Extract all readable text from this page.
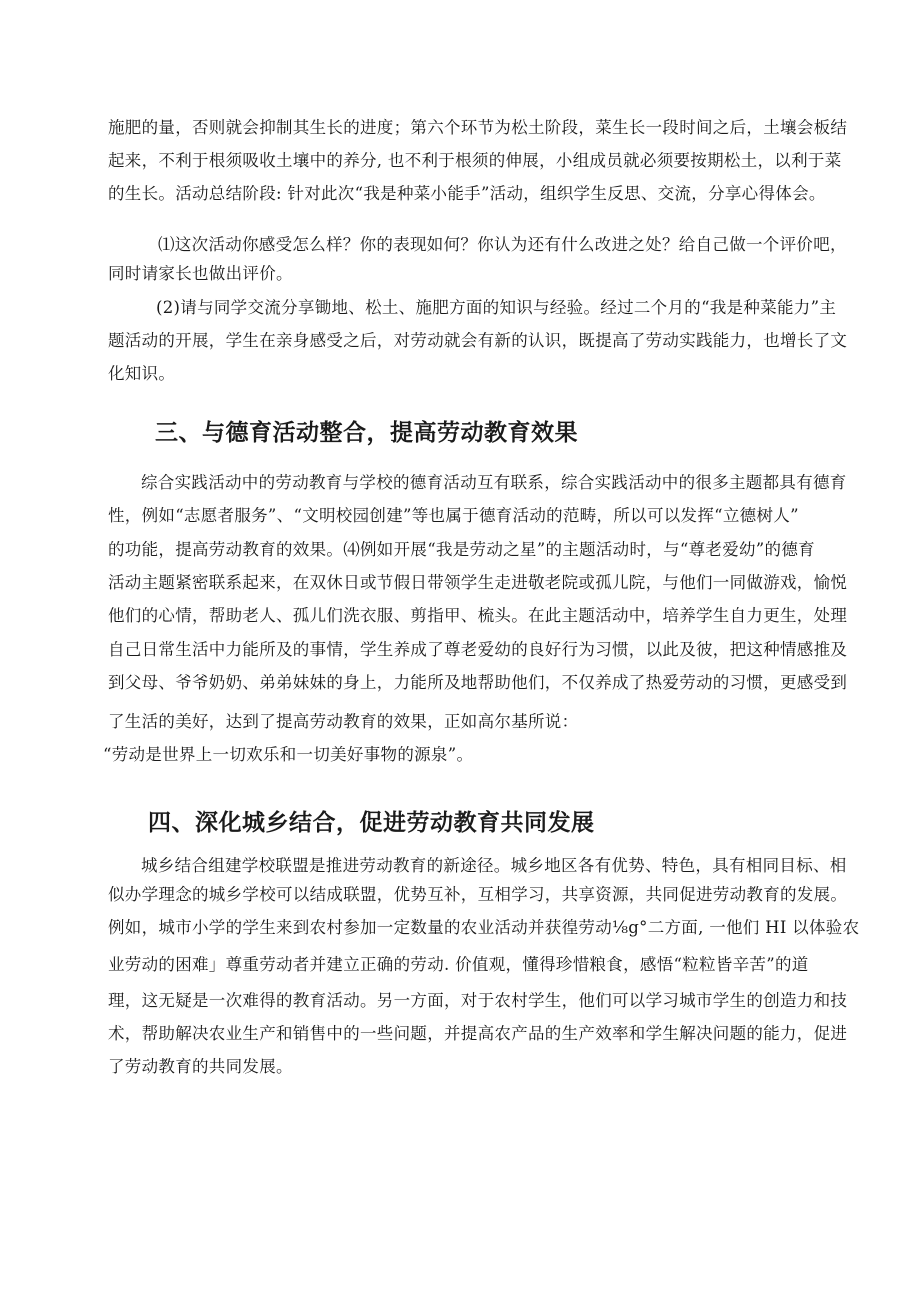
施肥的量，否则就会抑制其生长的进度；第六个环节为松土阶段，菜生长一段时间之后，土壤会板结
起来，不利于根须吸收土壤中的养分, 也不利于根须的伸展，小组成员就必须要按期松土，以利于菜
的生长。活动总结阶段: 针对此次“我是种菜小能手”活动，组织学生反思、交流，分享心得体会。
⑴这次活动你感受怎么样？你的表现如何？你认为还有什么改进之处？给自己做一个评价吧，
同时请家长也做出评价。
(2)请与同学交流分享锄地、松土、施肥方面的知识与经验。经过二个月的“我是种菜能力”主
题活动的开展，学生在亲身感受之后，对劳动就会有新的认识，既提高了劳动实践能力，也增长了文
化知识。
三、与德育活动整合，提高劳动教育效果
综合实践活动中的劳动教育与学校的德育活动互有联系，综合实践活动中的很多主题都具有德育
性，例如“志愿者服务”、“文明校园创建”等也属于德育活动的范畴，所以可以发挥“立德树人”
的功能，提高劳动教育的效果。⑷例如开展“我是劳动之星”的主题活动时，与“尊老爱幼”的德育
活动主题紧密联系起来，在双休日或节假日带领学生走进敬老院或孤儿院，与他们一同做游戏，愉悦
他们的心情，帮助老人、孤儿们洗衣服、剪指甲、梳头。在此主题活动中，培养学生自力更生，处理
自己日常生活中力能所及的事情，学生养成了尊老爱幼的良好行为习惯，以此及彼，把这种情感推及
到父母、爷爷奶奶、弟弟妹妹的身上，力能所及地帮助他们，不仅养成了热爱劳动的习惯，更感受到
了生活的美好，达到了提高劳动教育的效果，正如高尔基所说：
“劳动是世界上一切欢乐和一切美好事物的源泉”。
四、深化城乡结合，促进劳动教育共同发展
城乡结合组建学校联盟是推进劳动教育的新途径。城乡地区各有优势、特色，具有相同目标、相
似办学理念的城乡学校可以结成联盟，优势互补，互相学习，共享资源，共同促进劳动教育的发展。
例如，城市小学的学生来到农村参加一定数量的农业活动并获徨劳动⅛g°二方面, 一他们 HI 以体验农
业劳动的困难」尊重劳动者并建立正确的劳动. 价值观，懂得珍惜粮食，感悟“粒粒皆辛苦”的道
理，这无疑是一次难得的教育活动。另一方面，对于农村学生，他们可以学习城市学生的创造力和技
术，帮助解决农业生产和销售中的一些问题，并提高农产品的生产效率和学生解决问题的能力，促进
了劳动教育的共同发展。
